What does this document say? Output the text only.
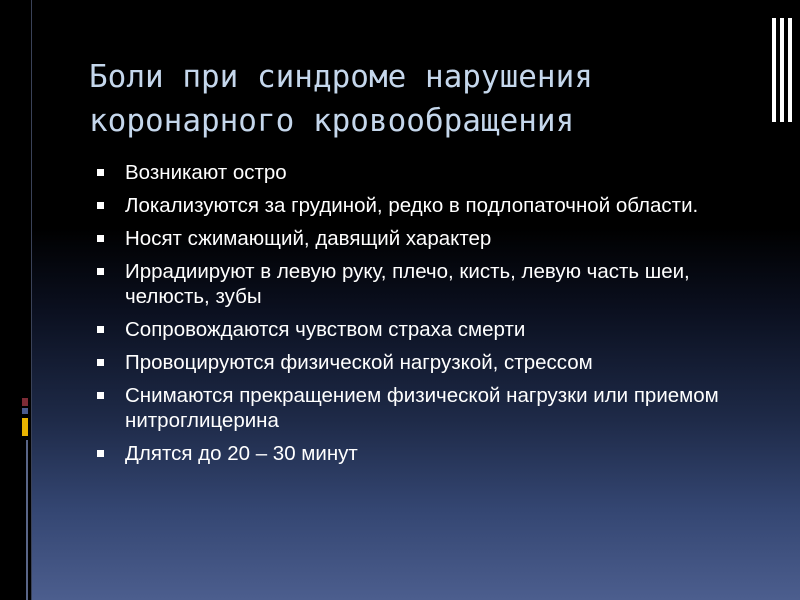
Боли при синдроме нарушения коронарного кровообращения
Возникают остро
Локализуются за грудиной, редко в подлопаточной области.
Носят сжимающий, давящий характер
Иррадиируют в левую руку, плечо, кисть, левую часть шеи, челюсть, зубы
Сопровождаются чувством страха смерти
Провоцируются физической нагрузкой, стрессом
Снимаются прекращением физической нагрузки или приемом нитроглицерина
Длятся до 20 – 30 минут
